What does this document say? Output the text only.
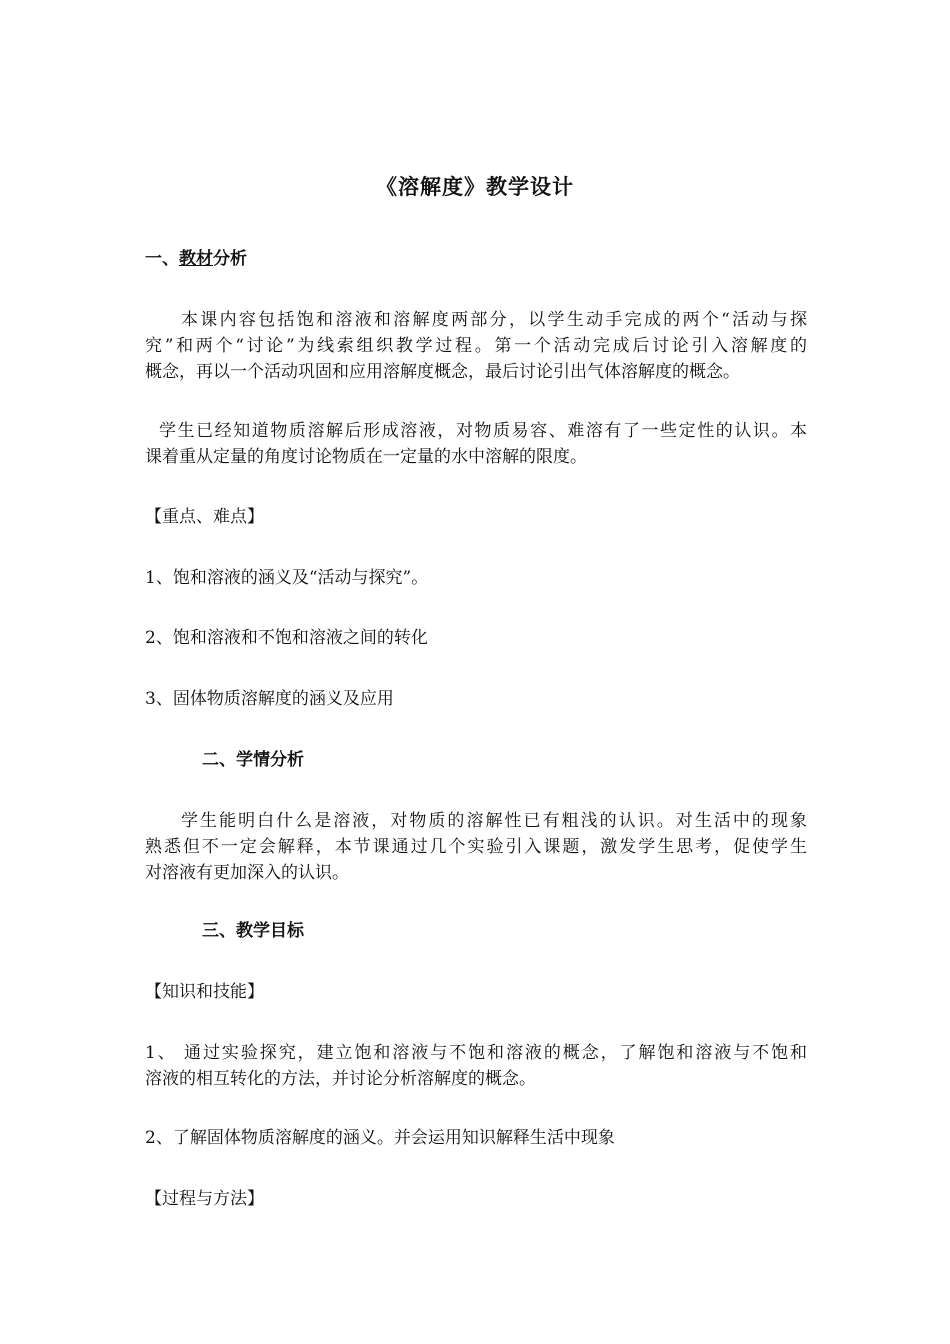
《溶解度》教学设计
一、教材分析
本课内容包括饱和溶液和溶解度两部分，以学生动手完成的两个“活动与探
究”和两个“讨论”为线索组织教学过程。第一个活动完成后讨论引入溶解度的
概念，再以一个活动巩固和应用溶解度概念，最后讨论引出气体溶解度的概念。
学生已经知道物质溶解后形成溶液，对物质易容、难溶有了一些定性的认识。本
课着重从定量的角度讨论物质在一定量的水中溶解的限度。
【重点、难点】
1、饱和溶液的涵义及“活动与探究”。
2、饱和溶液和不饱和溶液之间的转化
3、固体物质溶解度的涵义及应用
二、学情分析
学生能明白什么是溶液，对物质的溶解性已有粗浅的认识。对生活中的现象
熟悉但不一定会解释，本节课通过几个实验引入课题，激发学生思考，促使学生
对溶液有更加深入的认识。
三、教学目标
【知识和技能】
1、 通过实验探究，建立饱和溶液与不饱和溶液的概念，了解饱和溶液与不饱和
溶液的相互转化的方法，并讨论分析溶解度的概念。
2、了解固体物质溶解度的涵义。并会运用知识解释生活中现象
【过程与方法】
